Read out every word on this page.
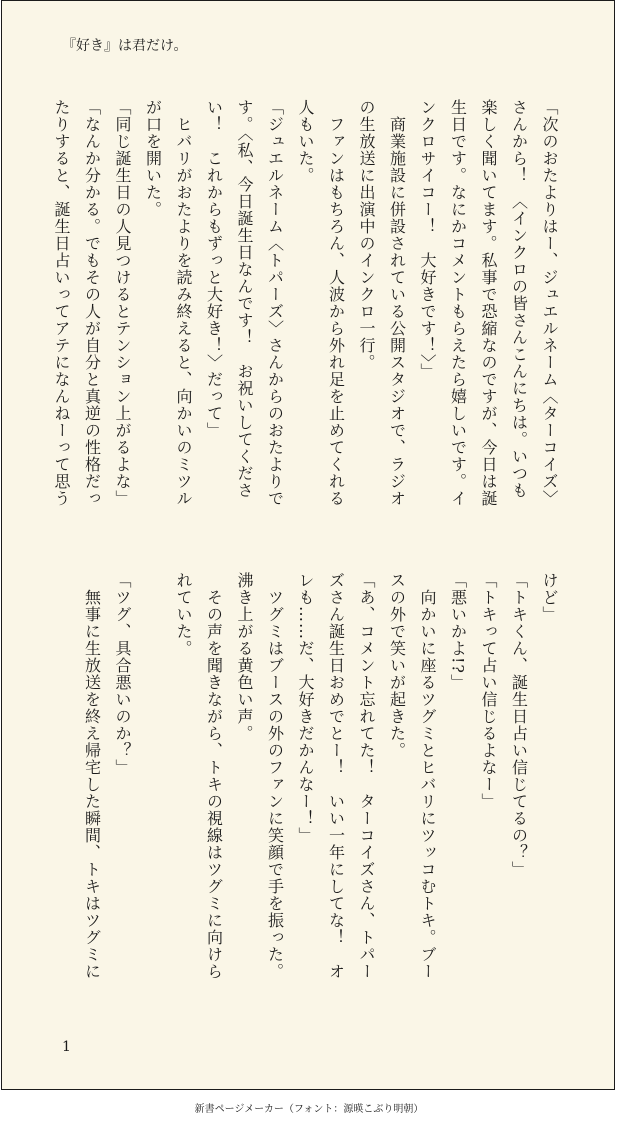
『好き』は君だけ。
「次のおたよりはー、ジュエルネーム〈ターコイズ〉
さんから！　〈インクロの皆さんこんにちは。いつも
楽しく聞いてます。私事で恐縮なのですが、今日は誕
生日です。なにかコメントもらえたら嬉しいです。イ
ンクロサイコー！　大好きです！〉」
　商業施設に併設されている公開スタジオで、ラジオ
の生放送に出演中のインクロ一行。
　ファンはもちろん、人波から外れ足を止めてくれる
人もいた。
「ジュエルネーム〈トパーズ〉さんからのおたよりで
す。〈私、今日誕生日なんです！　お祝いしてくださ
い！　これからもずっと大好き！〉だって」
　ヒバリがおたよりを読み終えると、向かいのミツル
が口を開いた。
「同じ誕生日の人見つけるとテンション上がるよな」
「なんか分かる。でもその人が自分と真逆の性格だっ
たりすると、誕生日占いってアテになんねーって思う
けど」
「トキくん、誕生日占い信じてるの？」
「トキって占い信じるよなー」
「悪いかよ!?」
　向かいに座るツグミとヒバリにツッコむトキ。ブー
スの外で笑いが起きた。
「あ、コメント忘れてた！　ターコイズさん、トパー
ズさん誕生日おめでとー！　いい一年にしてな！　オ
レも……だ、大好きだかんなー！」
　ツグミはブースの外のファンに笑顔で手を振った。
沸き上がる黄色い声。
　その声を聞きながら、トキの視線はツグミに向けら
れていた。

「ツグ、具合悪いのか？」
　無事に生放送を終え帰宅した瞬間、トキはツグミに
1
新書ページメーカー（フォント：源暎こぶり明朝）
